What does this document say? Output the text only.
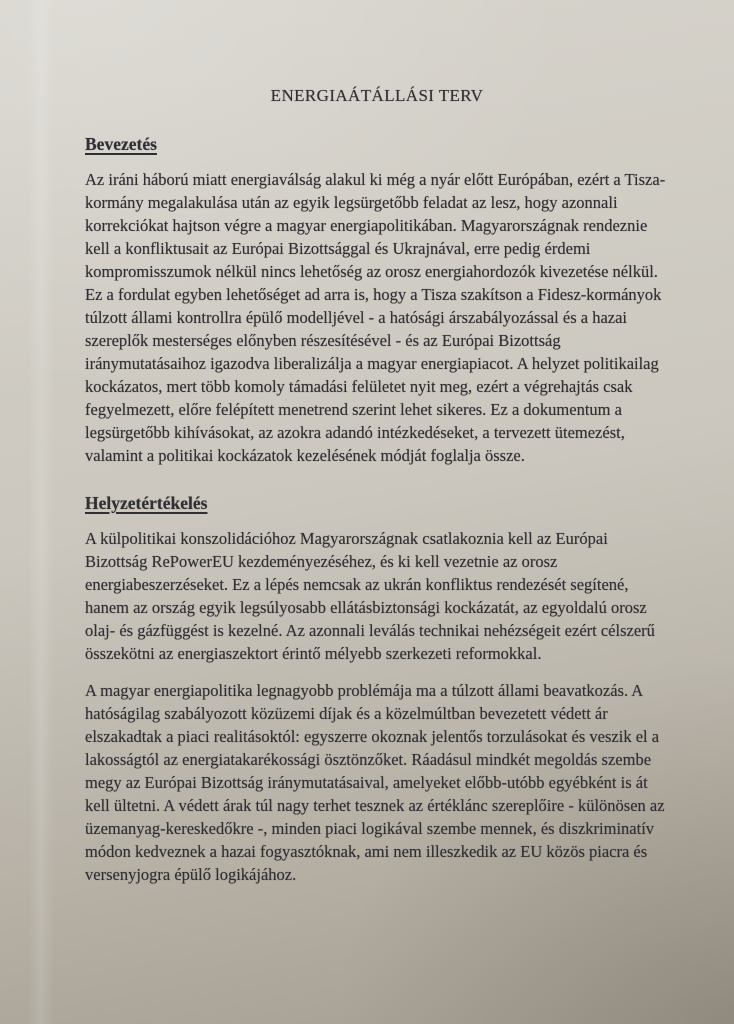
ENERGIAÁTÁLLÁSI TERV
Bevezetés

Az iráni háború miatt energiaválság alakul ki még a nyár előtt Európában, ezért a Tisza-kormány megalakulása után az egyik legsürgetőbb feladat az lesz, hogy azonnali korrekciókat hajtson végre a magyar energiapolitikában. Magyarországnak rendeznie kell a konfliktusait az Európai Bizottsággal és Ukrajnával, erre pedig érdemi kompromisszumok nélkül nincs lehetőség az orosz energiahordozók kivezetése nélkül. Ez a fordulat egyben lehetőséget ad arra is, hogy a Tisza szakítson a Fidesz-kormányok túlzott állami kontrollra épülő modelljével - a hatósági árszabályozással és a hazai szereplők mesterséges előnyben részesítésével - és az Európai Bizottság iránymutatásaihoz igazodva liberalizálja a magyar energiapiacot. A helyzet politikailag kockázatos, mert több komoly támadási felületet nyit meg, ezért a végrehajtás csak fegyelmezett, előre felépített menetrend szerint lehet sikeres. Ez a dokumentum a legsürgetőbb kihívásokat, az azokra adandó intézkedéseket, a tervezett ütemezést, valamint a politikai kockázatok kezelésének módját foglalja össze.

Helyzetértékelés

A külpolitikai konszolidációhoz Magyarországnak csatlakoznia kell az Európai Bizottság RePowerEU kezdeményezéséhez, és ki kell vezetnie az orosz energiabeszerzéseket. Ez a lépés nemcsak az ukrán konfliktus rendezését segítené, hanem az ország egyik legsúlyosabb ellátásbiztonsági kockázatát, az egyoldalú orosz olaj- és gázfüggést is kezelné. Az azonnali leválás technikai nehézségeit ezért célszerű összekötni az energiaszektort érintő mélyebb szerkezeti reformokkal.

A magyar energiapolitika legnagyobb problémája ma a túlzott állami beavatkozás. A hatóságilag szabályozott közüzemi díjak és a közelmúltban bevezetett védett ár elszakadtak a piaci realitásoktól: egyszerre okoznak jelentős torzulásokat és veszik el a lakosságtól az energiatakarékossági ösztönzőket. Ráadásul mindkét megoldás szembe megy az Európai Bizottság iránymutatásaival, amelyeket előbb-utóbb egyébként is át kell ültetni. A védett árak túl nagy terhet tesznek az értéklánc szereplőire - különösen az üzemanyag-kereskedőkre -, minden piaci logikával szembe mennek, és diszkriminatív módon kedveznek a hazai fogyasztóknak, ami nem illeszkedik az EU közös piacra és versenyjogra épülő logikájához.
